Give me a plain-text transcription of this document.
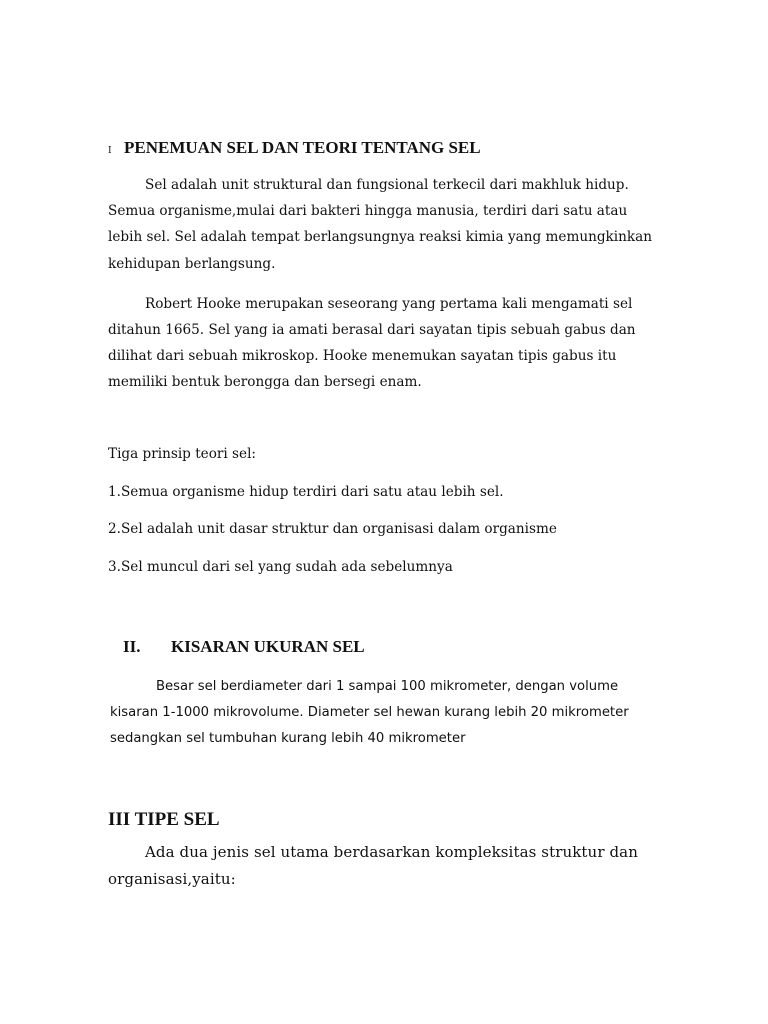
I PENEMUAN SEL DAN TEORI TENTANG SEL
Sel adalah unit struktural dan fungsional terkecil dari makhluk hidup.
Semua organisme,mulai dari bakteri hingga manusia, terdiri dari satu atau
lebih sel. Sel adalah tempat berlangsungnya reaksi kimia yang memungkinkan
kehidupan berlangsung.
Robert Hooke merupakan seseorang yang pertama kali mengamati sel
ditahun 1665. Sel yang ia amati berasal dari sayatan tipis sebuah gabus dan
dilihat dari sebuah mikroskop. Hooke menemukan sayatan tipis gabus itu
memiliki bentuk berongga dan bersegi enam.
Tiga prinsip teori sel:
1.Semua organisme hidup terdiri dari satu atau lebih sel.
2.Sel adalah unit dasar struktur dan organisasi dalam organisme
3.Sel muncul dari sel yang sudah ada sebelumnya
II. KISARAN UKURAN SEL
Besar sel berdiameter dari 1 sampai 100 mikrometer, dengan volume
kisaran 1-1000 mikrovolume. Diameter sel hewan kurang lebih 20 mikrometer
sedangkan sel tumbuhan kurang lebih 40 mikrometer
III TIPE SEL
Ada dua jenis sel utama berdasarkan kompleksitas struktur dan
organisasi,yaitu:
